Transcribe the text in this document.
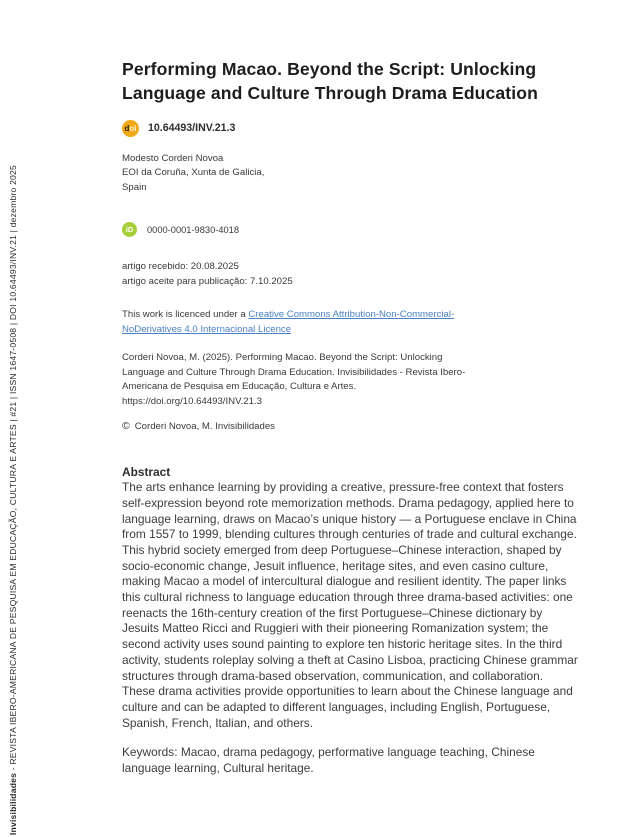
Invisibilidades - REVISTA IBERO-AMERICANA DE PESQUISA EM EDUCAÇÃO, CULTURA E ARTES | #21 | ISSN 1647-0508 | DOI 10.64493/INV.21 | dezembro 2025
Performing Macao. Beyond the Script: Unlocking Language and Culture Through Drama Education
d oi 10.64493/INV.21.3
Modesto Corderi Novoa
EOI da Coruña, Xunta de Galicia,
Spain
iD	0000-0001-9830-4018
artigo recebido: 20.08.2025
artigo aceite para publicação: 7.10.2025
This work is licenced under a Creative Commons Attribution-Non-Commercial-NoDerivatives 4.0 Internacional Licence
Corderi Novoa, M. (2025). Performing Macao. Beyond the Script: Unlocking Language and Culture Through Drama Education. Invisibilidades - Revista Ibero-Americana de Pesquisa em Educação, Cultura e Artes. https://doi.org/10.64493/INV.21.3
© Corderi Novoa, M. Invisibilidades
Abstract
The arts enhance learning by providing a creative, pressure-free context that fosters self-expression beyond rote memorization methods. Drama pedagogy, applied here to language learning, draws on Macao’s unique history — a Portuguese enclave in China from 1557 to 1999, blending cultures through centuries of trade and cultural exchange. This hybrid society emerged from deep Portuguese–Chinese interaction, shaped by socio-economic change, Jesuit influence, heritage sites, and even casino culture, making Macao a model of intercultural dialogue and resilient identity. The paper links this cultural richness to language education through three drama-based activities: one reenacts the 16th-century creation of the first Portuguese–Chinese dictionary by Jesuits Matteo Ricci and Ruggieri with their pioneering Romanization system; the second activity uses sound painting to explore ten historic heritage sites. In the third activity, students roleplay solving a theft at Casino Lisboa, practicing Chinese grammar structures through drama-based observation, communication, and collaboration. These drama activities provide opportunities to learn about the Chinese language and culture and can be adapted to different languages, including English, Portuguese, Spanish, French, Italian, and others.
Keywords: Macao, drama pedagogy, performative language teaching, Chinese language learning, Cultural heritage.
